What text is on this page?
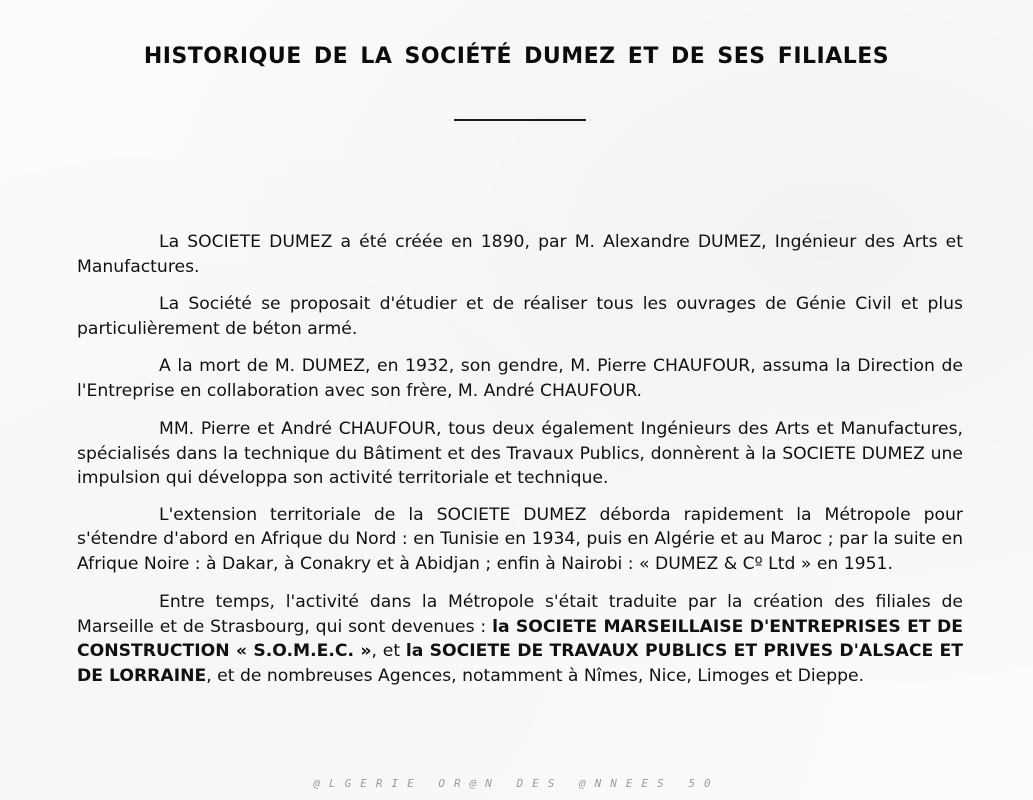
HISTORIQUE DE LA SOCIÉTÉ DUMEZ ET DE SES FILIALES

La SOCIETE DUMEZ a été créée en 1890, par M. Alexandre DUMEZ, Ingénieur des Arts et Manufactures.

La Société se proposait d'étudier et de réaliser tous les ouvrages de Génie Civil et plus particulièrement de béton armé.

A la mort de M. DUMEZ, en 1932, son gendre, M. Pierre CHAUFOUR, assuma la Direction de l'Entreprise en collaboration avec son frère, M. André CHAUFOUR.

MM. Pierre et André CHAUFOUR, tous deux également Ingénieurs des Arts et Manufactures, spécialisés dans la technique du Bâtiment et des Travaux Publics, donnèrent à la SOCIETE DUMEZ une impulsion qui développa son activité territoriale et technique.

L'extension territoriale de la SOCIETE DUMEZ déborda rapidement la Métropole pour s'étendre d'abord en Afrique du Nord : en Tunisie en 1934, puis en Algérie et au Maroc ; par la suite en Afrique Noire : à Dakar, à Conakry et à Abidjan ; enfin à Nairobi : « DUMEZ & Cº Ltd » en 1951.

Entre temps, l'activité dans la Métropole s'était traduite par la création des filiales de Marseille et de Strasbourg, qui sont devenues : la SOCIETE MARSEILLAISE D'ENTREPRISES ET DE CONSTRUCTION « S.O.M.E.C. », et la SOCIETE DE TRAVAUX PUBLICS ET PRIVES D'ALSACE ET DE LORRAINE, et de nombreuses Agences, notamment à Nîmes, Nice, Limoges et Dieppe.

@LGERIE OR@N DES @NNEES 50
